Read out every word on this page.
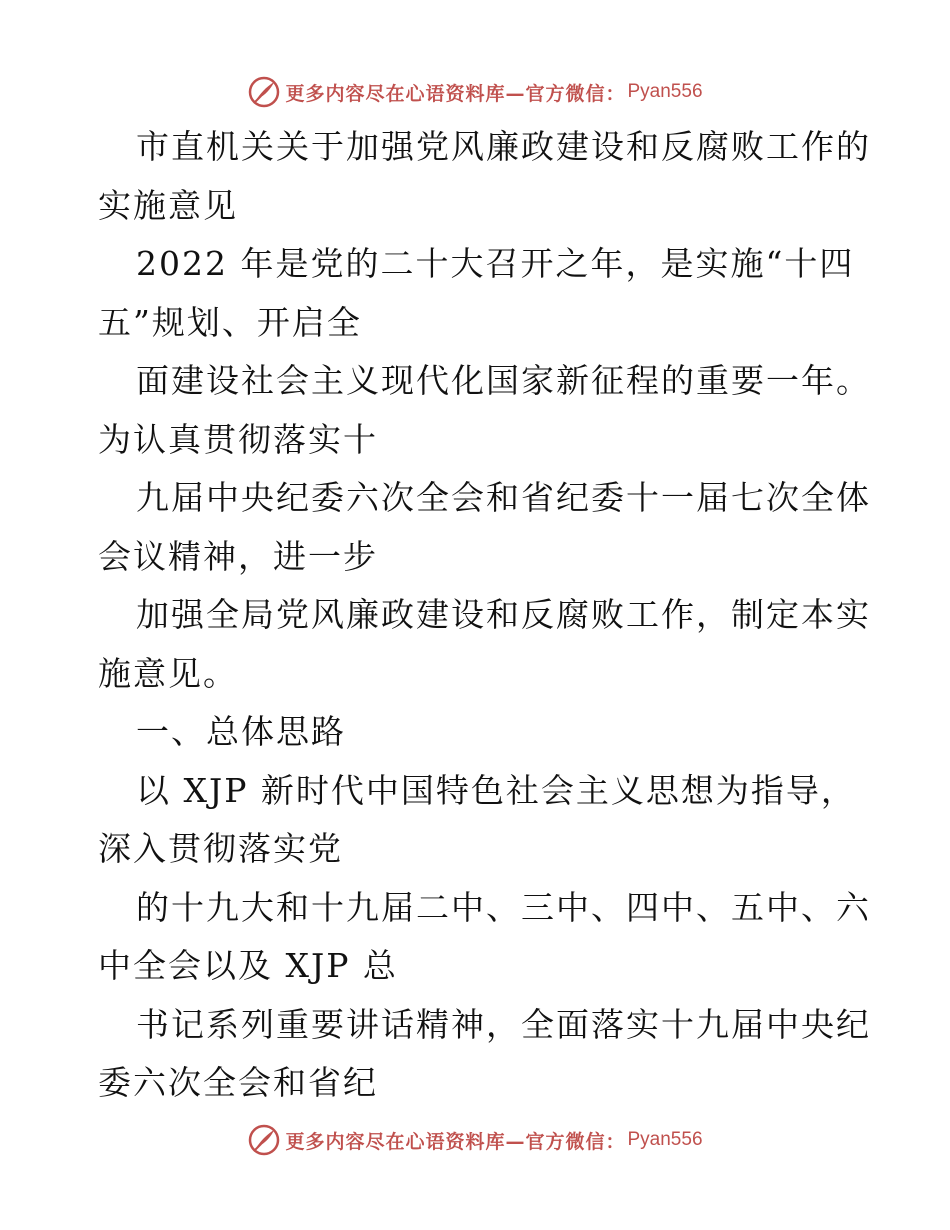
更多内容尽在心语资料库—官方微信： Pyan556
市直机关关于加强党风廉政建设和反腐败工作的
实施意见
2022 年是党的二十大召开之年，是实施“十四
五”规划、开启全
面建设社会主义现代化国家新征程的重要一年。
为认真贯彻落实十
九届中央纪委六次全会和省纪委十一届七次全体
会议精神，进一步
加强全局党风廉政建设和反腐败工作，制定本实
施意见。
一、总体思路
以 XJP 新时代中国特色社会主义思想为指导，
深入贯彻落实党
的十九大和十九届二中、三中、四中、五中、六
中全会以及 XJP 总
书记系列重要讲话精神，全面落实十九届中央纪
委六次全会和省纪
更多内容尽在心语资料库—官方微信： Pyan556
